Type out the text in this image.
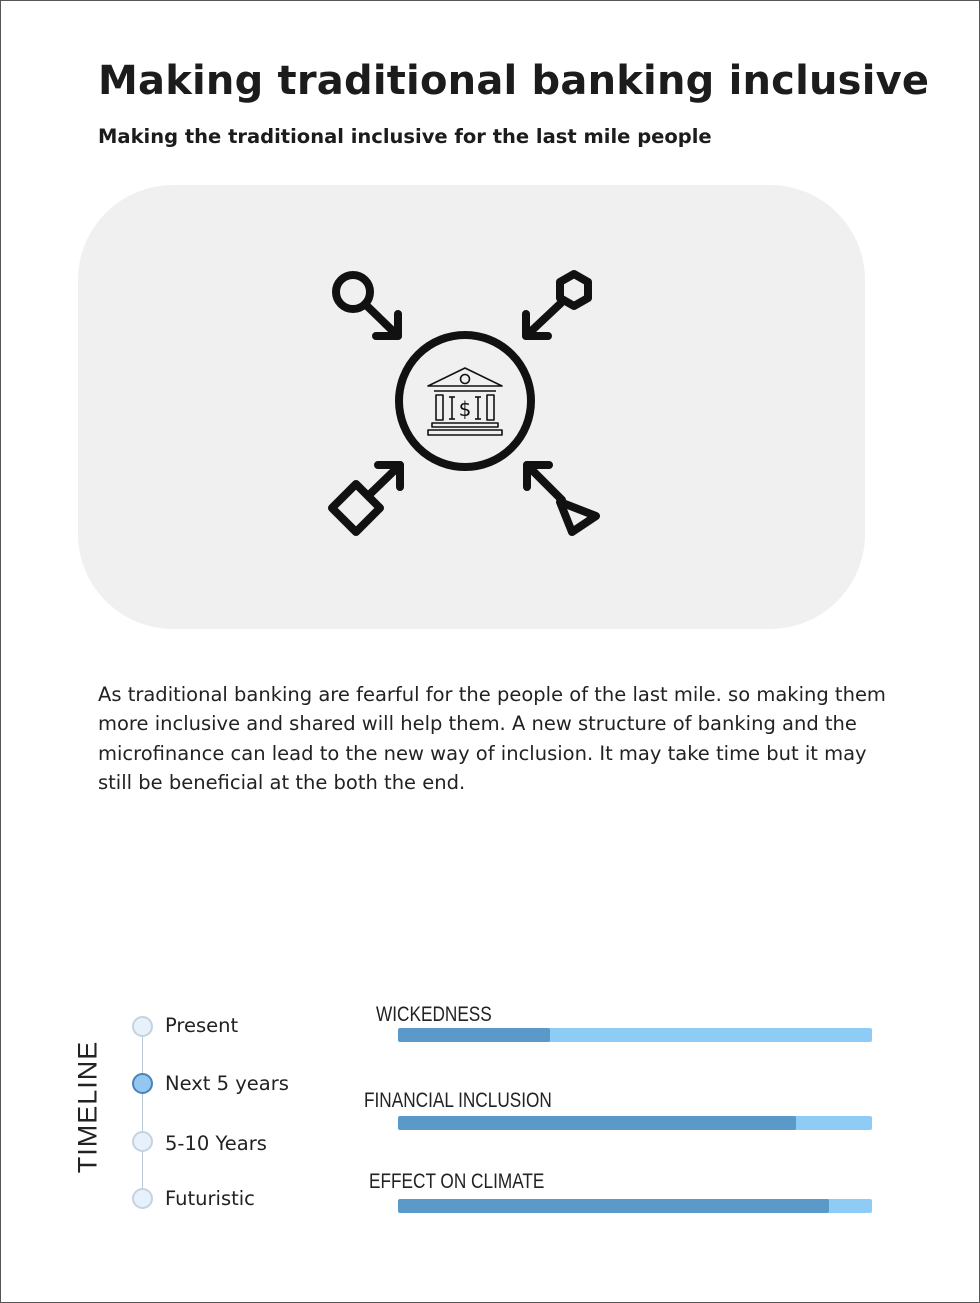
Making traditional banking inclusive
Making the traditional inclusive for the last mile people
$
As traditional banking are fearful for the people of the last mile. so making them more inclusive and shared will help them. A new structure of banking and the microfinance can lead to the new way of inclusion. It may take time but it may still be beneficial at the both the end.
TIMELINE
Present
Next 5 years
5-10 Years
Futuristic
WICKEDNESS
FINANCIAL INCLUSION
EFFECT ON CLIMATE
